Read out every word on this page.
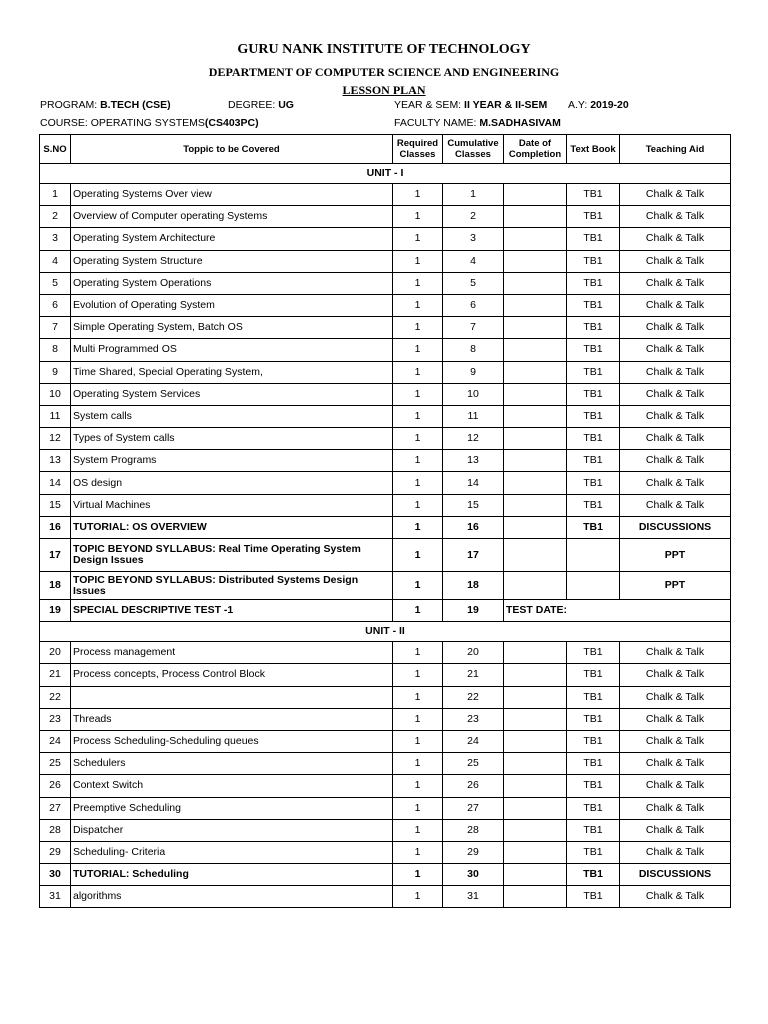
GURU NANK INSTITUTE OF TECHNOLOGY
DEPARTMENT OF COMPUTER SCIENCE AND ENGINEERING
LESSON PLAN
PROGRAM: B.TECH (CSE)	DEGREE: UG	YEAR & SEM: II YEAR & II-SEM A.Y: 2019-20
COURSE: OPERATING SYSTEMS(CS403PC)	FACULTY NAME: M.SADHASIVAM
S.NO	Toppic to be Covered	Required Classes	Cumulative Classes	Date of Completion	Text Book	Teaching Aid
UNIT - I						
1	Operating Systems Over view	1	1		TB1	Chalk & Talk
2	Overview of Computer operating Systems	1	2		TB1	Chalk & Talk
3	Operating System Architecture	1	3		TB1	Chalk & Talk
4	Operating System Structure	1	4		TB1	Chalk & Talk
5	Operating System Operations	1	5		TB1	Chalk & Talk
6	Evolution of Operating System	1	6		TB1	Chalk & Talk
7	Simple Operating System, Batch OS	1	7		TB1	Chalk & Talk
8	Multi Programmed OS	1	8		TB1	Chalk & Talk
9	Time Shared, Special Operating System,	1	9		TB1	Chalk & Talk
10	Operating System Services	1	10		TB1	Chalk & Talk
11	System calls	1	11		TB1	Chalk & Talk
12	Types of System calls	1	12		TB1	Chalk & Talk
13	System Programs	1	13		TB1	Chalk & Talk
14	OS design	1	14		TB1	Chalk & Talk
15	Virtual Machines	1	15		TB1	Chalk & Talk
16	TUTORIAL: OS OVERVIEW	1	16		TB1	DISCUSSIONS
17	TOPIC BEYOND SYLLABUS: Real Time Operating System Design Issues	1	17			PPT
18	TOPIC BEYOND SYLLABUS: Distributed Systems Design Issues	1	18			PPT
19	SPECIAL DESCRIPTIVE TEST -1	1	19	TEST DATE:		
UNIT - II						
20	Process management	1	20		TB1	Chalk & Talk
21	Process concepts, Process Control Block	1	21		TB1	Chalk & Talk
22		1	22		TB1	Chalk & Talk
23	Threads	1	23		TB1	Chalk & Talk
24	Process Scheduling-Scheduling queues	1	24		TB1	Chalk & Talk
25	Schedulers	1	25		TB1	Chalk & Talk
26	Context Switch	1	26		TB1	Chalk & Talk
27	Preemptive Scheduling	1	27		TB1	Chalk & Talk
28	Dispatcher	1	28		TB1	Chalk & Talk
29	Scheduling- Criteria	1	29		TB1	Chalk & Talk
30	TUTORIAL: Scheduling	1	30		TB1	DISCUSSIONS
31	algorithms	1	31		TB1	Chalk & Talk
